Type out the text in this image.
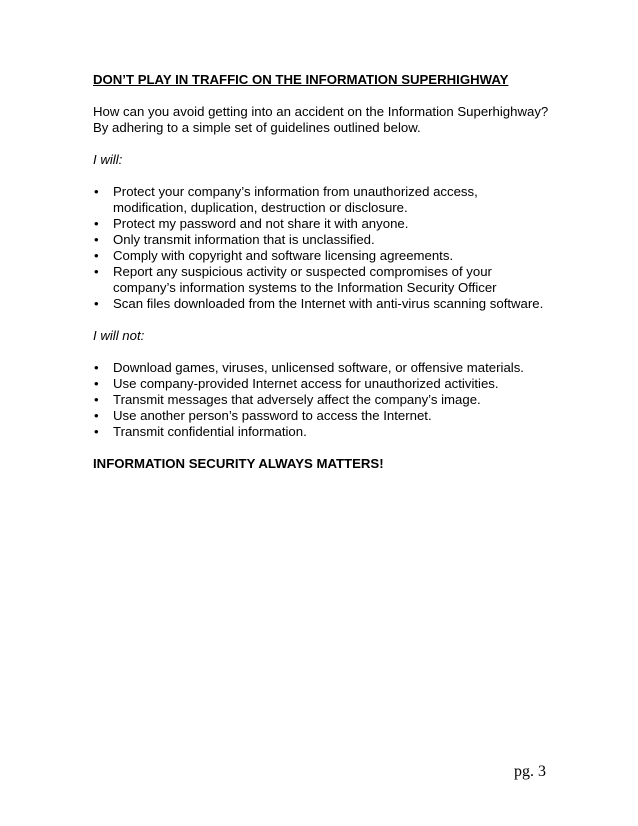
DON’T PLAY IN TRAFFIC ON THE INFORMATION SUPERHIGHWAY

How can you avoid getting into an accident on the Information Superhighway?
By adhering to a simple set of guidelines outlined below.

I will:
•	Protect your company’s information from unauthorized access, modification, duplication, destruction or disclosure.
•	Protect my password and not share it with anyone.
•	Only transmit information that is unclassified.
•	Comply with copyright and software licensing agreements.
•	Report any suspicious activity or suspected compromises of your company’s information systems to the Information Security Officer
•	Scan files downloaded from the Internet with anti-virus scanning software.
I will not:
•	Download games, viruses, unlicensed software, or offensive materials.
•	Use company-provided Internet access for unauthorized activities.
•	Transmit messages that adversely affect the company’s image.
•	Use another person’s password to access the Internet.
•	Transmit confidential information.
INFORMATION SECURITY ALWAYS MATTERS!
pg. 3
